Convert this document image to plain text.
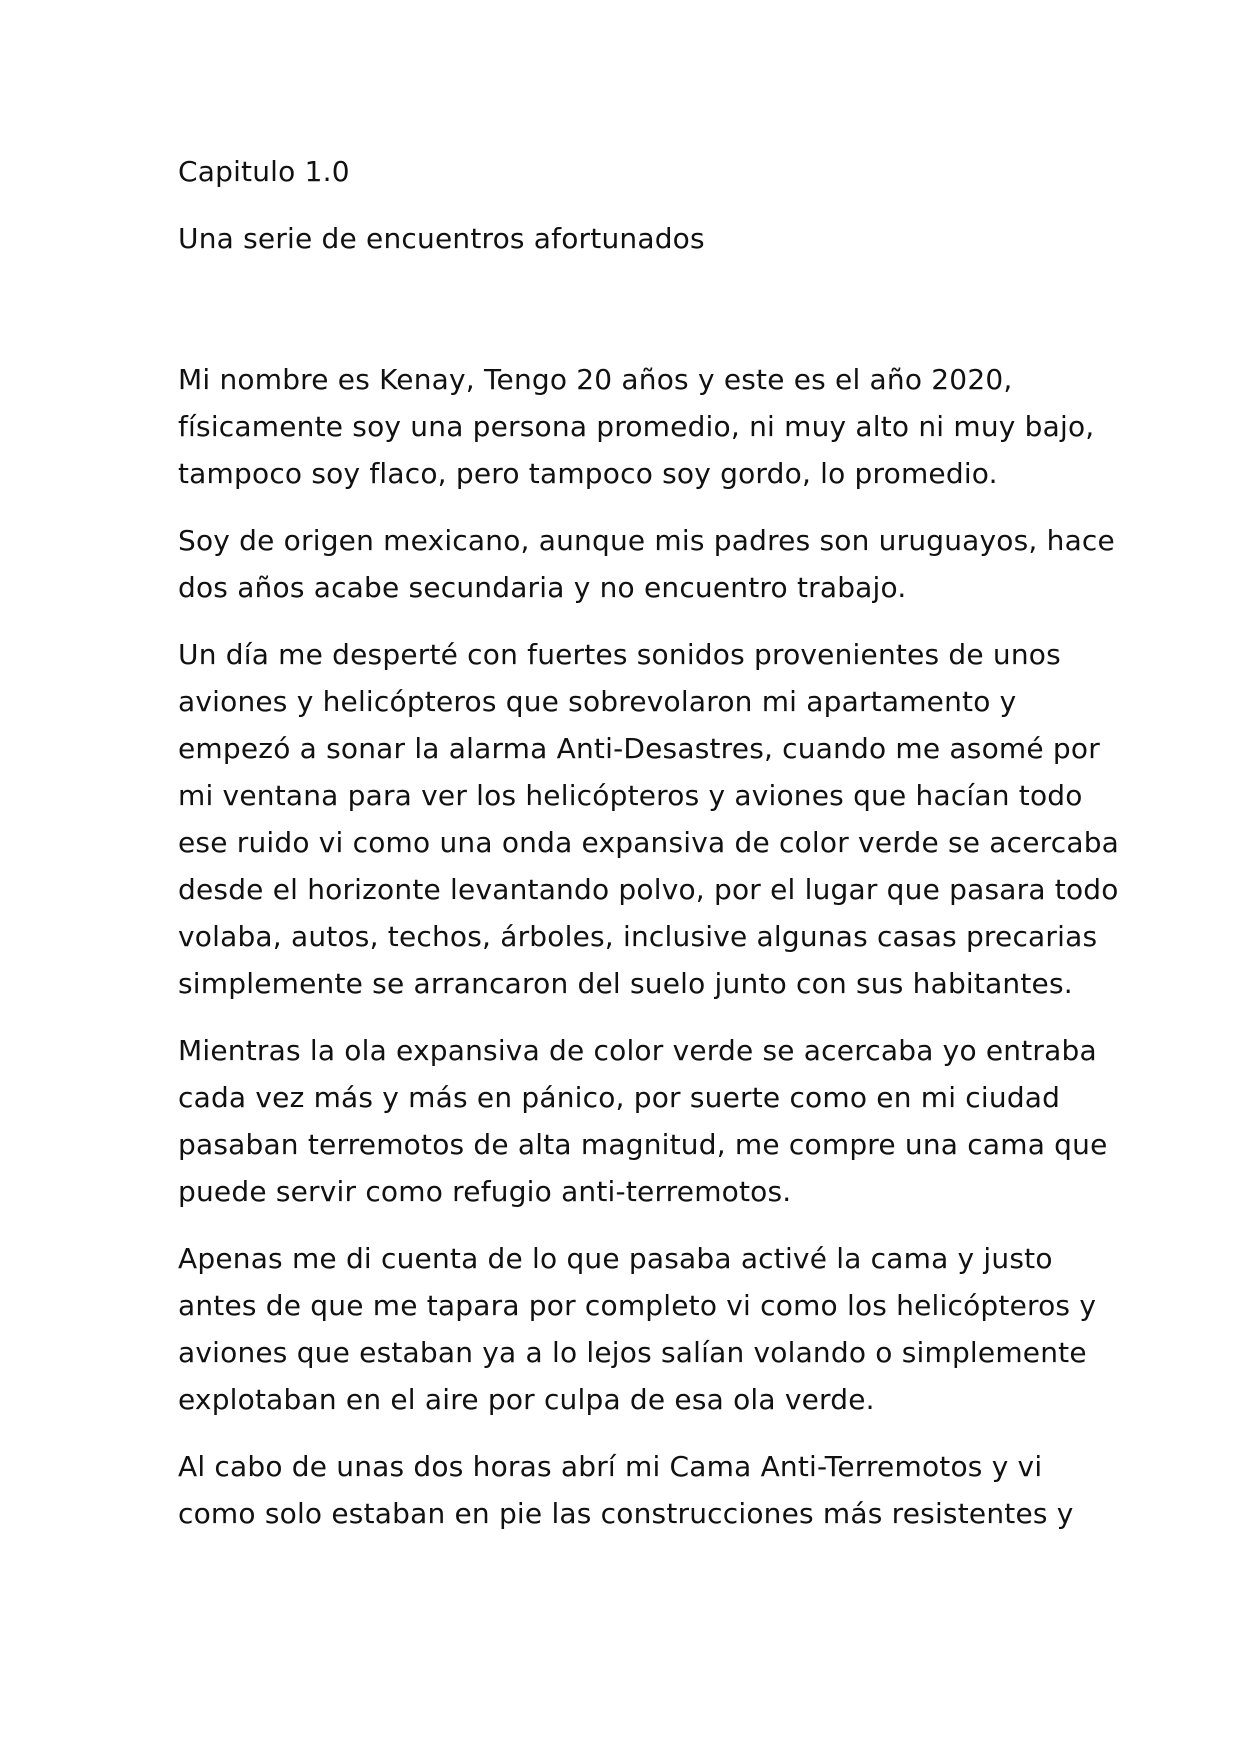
Capitulo 1.0

Una serie de encuentros afortunados

Mi nombre es Kenay, Tengo 20 años y este es el año 2020,
físicamente soy una persona promedio, ni muy alto ni muy bajo,
tampoco soy flaco, pero tampoco soy gordo, lo promedio.

Soy de origen mexicano, aunque mis padres son uruguayos, hace
dos años acabe secundaria y no encuentro trabajo.

Un día me desperté con fuertes sonidos provenientes de unos
aviones y helicópteros que sobrevolaron mi apartamento y
empezó a sonar la alarma Anti-Desastres, cuando me asomé por
mi ventana para ver los helicópteros y aviones que hacían todo
ese ruido vi como una onda expansiva de color verde se acercaba
desde el horizonte levantando polvo, por el lugar que pasara todo
volaba, autos, techos, árboles, inclusive algunas casas precarias
simplemente se arrancaron del suelo junto con sus habitantes.

Mientras la ola expansiva de color verde se acercaba yo entraba
cada vez más y más en pánico, por suerte como en mi ciudad
pasaban terremotos de alta magnitud, me compre una cama que
puede servir como refugio anti-terremotos.

Apenas me di cuenta de lo que pasaba activé la cama y justo
antes de que me tapara por completo vi como los helicópteros y
aviones que estaban ya a lo lejos salían volando o simplemente
explotaban en el aire por culpa de esa ola verde.

Al cabo de unas dos horas abrí mi Cama Anti-Terremotos y vi
como solo estaban en pie las construcciones más resistentes y
